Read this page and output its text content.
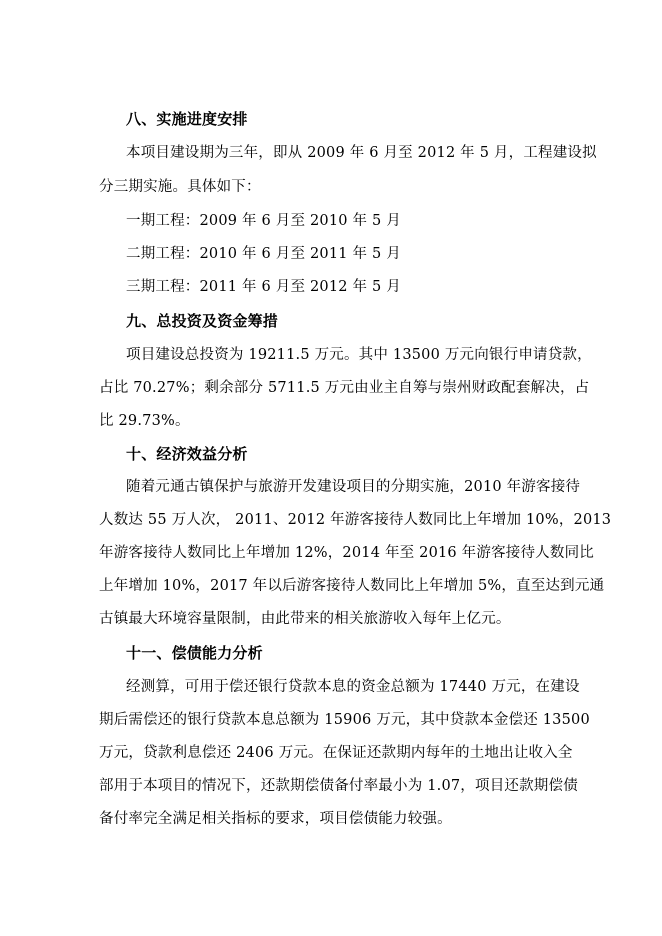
八、实施进度安排
本项目建设期为三年，即从 2009 年 6 月至 2012 年 5 月，工程建设拟
分三期实施。具体如下：
一期工程：2009 年 6 月至 2010 年 5 月
二期工程：2010 年 6 月至 2011 年 5 月
三期工程：2011 年 6 月至 2012 年 5 月
九、总投资及资金筹措
项目建设总投资为 19211.5 万元。其中 13500 万元向银行申请贷款，
占比 70.27%；剩余部分 5711.5 万元由业主自筹与崇州财政配套解决，占
比 29.73%。
十、经济效益分析
随着元通古镇保护与旅游开发建设项目的分期实施，2010 年游客接待
人数达 55 万人次， 2011、2012 年游客接待人数同比上年增加 10%，2013
年游客接待人数同比上年增加 12%，2014 年至 2016 年游客接待人数同比
上年增加 10%，2017 年以后游客接待人数同比上年增加 5%，直至达到元通
古镇最大环境容量限制，由此带来的相关旅游收入每年上亿元。
十一、偿债能力分析
经测算，可用于偿还银行贷款本息的资金总额为 17440 万元，在建设
期后需偿还的银行贷款本息总额为 15906 万元，其中贷款本金偿还 13500
万元，贷款利息偿还 2406 万元。在保证还款期内每年的土地出让收入全
部用于本项目的情况下，还款期偿债备付率最小为 1.07，项目还款期偿债
备付率完全满足相关指标的要求，项目偿债能力较强。
